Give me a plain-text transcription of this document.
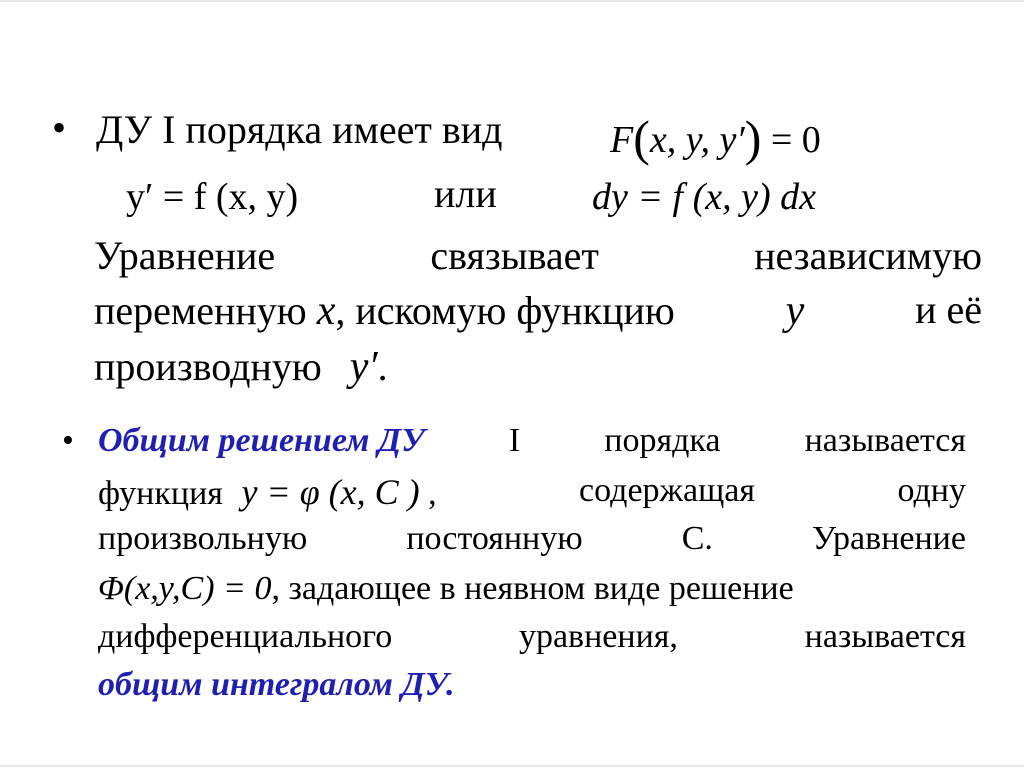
• ДУ I порядка имеет вид	F(x, y, y′) = 0
y′ = f (x, y)	или	dy = f (x, y) dx
Уравнение	связывает	независимую
переменную x, искомую функцию	y	и её
производную y′.
• Общим решением ДУ I порядка называется
функция y = φ (x, C ) ,	содержащая	одну
произвольную	постоянную	С.	Уравнение
Φ(x,y,C) = 0, задающее в неявном виде решение
дифференциального	уравнения,	называется
общим интегралом ДУ.
